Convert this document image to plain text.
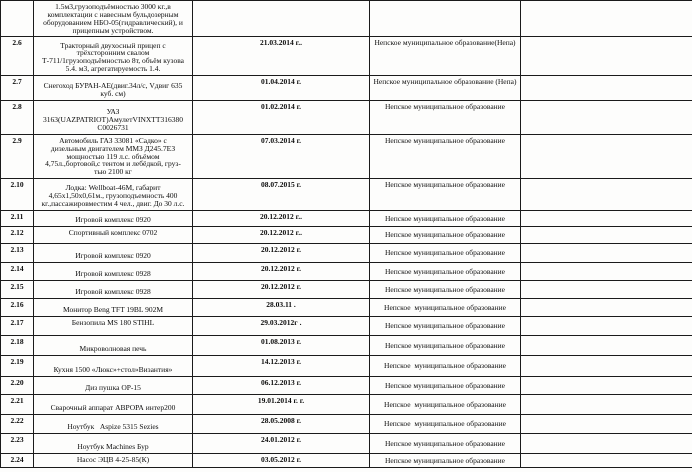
	1.5м3,грузоподъёмностью 3000 кг.,в комплектации с навесным бульдозерным оборудованием НБО-05(гидравлический), и прицепным устройством.			
2.6	Тракторный двухосный прицеп с трёхсторонним свалом Т-711/1грузоподъёмностью 8т, объём кузова 5.4. м3, агрегатируемость 1.4.	21.03.2014 г..	Непское муниципальное образование(Непа)	
2.7	Снегоход БУРАН-АЕ(двиг.34л/с, Vдвиг 635 куб. см)	01.04.2014 г.	Непское муниципальное образование (Непа)	
2.8	УАЗ 3163(UAZPATRIOT)АмулетVINXTT316380С0026731	01.02.2014 г.	Непское муниципальное образование	
2.9	Автомобиль ГАЗ 33081 «Садко» с дизельным двигателем ММЗ Д245.7ЕЗ мощностью 119 л.с. объёмом 4,75л.,бортовой,с тентом и лебёдкой, груз-тью 2100 кг	07.03.2014 г.	Непское муниципальное образование	
2.10	Лодка: Wellboat-46М, габарит 4,65х1,50х0,61м., грузоподъемность 400 кг.,пассажировместим 4 чел., двиг. До 30 л.с.	08.07.2015 г.	Непское муниципальное образование	
2.11	Игровой комплекс 0920	20.12.2012 г..	Непское муниципальное образование	
2.12	Спортивный комплекс 0702	20.12.2012 г..	Непское муниципальное образование	
2.13	Игровой комплекс 0920	20.12.2012 г.	Непское муниципальное образование	
2.14	Игровой комплекс 0928	20.12.2012 г.	Непское муниципальное образование	
2.15	Игровой комплекс 0928	20.12.2012 г.	Непское муниципальное образование	
2.16	Монитор Beng TFT 19BL 902M	28.03.11 .	Непское  муниципальное образование	
2.17	Бензопила MS 180 STIHL	29.03.2012г .	Непское муниципальное образование	
2.18	Микроволновая печь	01.08.2013 г.	Непское муниципальное образование	
2.19	Кухня 1500 «Люкс»+стол»Византия»	14.12.2013 г.	Непское  муниципальное образование	
2.20	Диз пушка ОР-15	06.12.2013 г.	Непское муниципальное образование	
2.21	Сварочный аппарат АВРОРА интер200	19.01.2014 г. г.	Непское  муниципальное образование	
2.22	Ноутбук   Aspize 5315 Sezies	28.05.2008 г.	Непское  муниципальное образование	
2.23	Ноутбук Machines Бур	24.01.2012 г.	Непское муниципальное образование	
2.24	Насос ЭЦВ 4-25-85(К)	03.05.2012 г.	Непское муниципальное образование	
